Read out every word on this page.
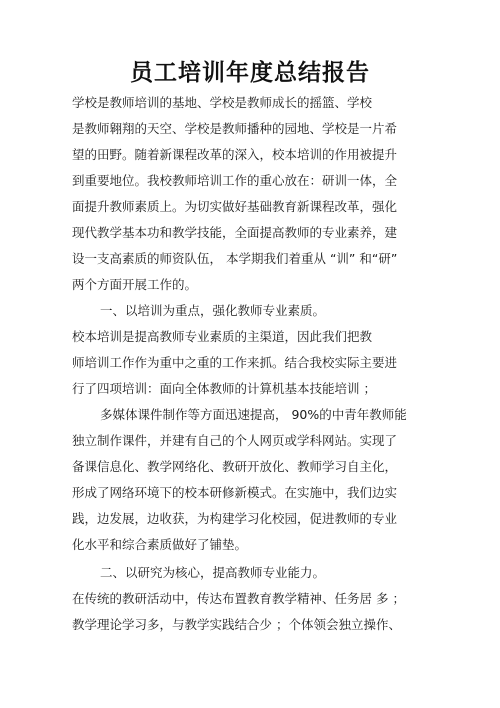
员工培训年度总结报告
学校是教师培训的基地、学校是教师成长的摇篮、学校
是教师翱翔的天空、学校是教师播种的园地、学校是一片希
望的田野。随着新课程改革的深入，校本培训的作用被提升
到重要地位。我校教师培训工作的重心放在：研训一体，全
面提升教师素质上。为切实做好基础教育新课程改革，强化
现代教学基本功和教学技能，全面提高教师的专业素养，建
设一支高素质的师资队伍， 本学期我们着重从 “训” 和“研”
两个方面开展工作的。
一、以培训为重点，强化教师专业素质。
校本培训是提高教师专业素质的主渠道，因此我们把教
师培训工作作为重中之重的工作来抓。结合我校实际主要进
行了四项培训：面向全体教师的计算机基本技能培训 ；
多媒体课件制作等方面迅速提高， 90%的中青年教师能
独立制作课件，并建有自己的个人网页或学科网站。实现了
备课信息化、教学网络化、教研开放化、教师学习自主化，
形成了网络环境下的校本研修新模式。在实施中，我们边实
践，边发展，边收获，为构建学习化校园，促进教师的专业
化水平和综合素质做好了铺垫。
二、以研究为核心，提高教师专业能力。
在传统的教研活动中，传达布置教育教学精神、任务居 多 ；
教学理论学习多，与教学实践结合少 ；个体领会独立操作、
